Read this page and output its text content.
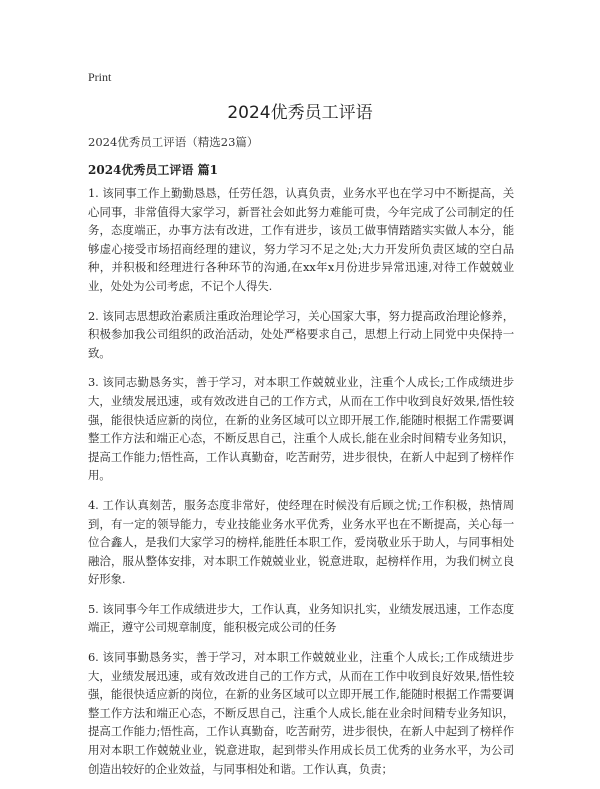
Print
2024优秀员工评语

2024优秀员工评语（精选23篇）

2024优秀员工评语 篇1

1. 该同事工作上勤勤恳恳，任劳任怨，认真负责，业务水平也在学习中不断提高，关心同事，非常值得大家学习，新晋社会如此努力难能可贵，今年完成了公司制定的任务，态度端正，办事方法有改进，工作有进步，该员工做事情踏踏实实做人本分，能够虚心接受市场招商经理的建议，努力学习不足之处;大力开发所负责区域的空白品种，并积极和经理进行各种环节的沟通,在xx年x月份进步异常迅速,对待工作兢兢业业，处处为公司考虑，不记个人得失.

2. 该同志思想政治素质注重政治理论学习，关心国家大事，努力提高政治理论修养，积极参加我公司组织的政治活动，处处严格要求自己，思想上行动上同党中央保持一致。

3. 该同志勤恳务实，善于学习，对本职工作兢兢业业，注重个人成长;工作成绩进步大，业绩发展迅速，或有效改进自己的工作方式，从而在工作中收到良好效果,悟性较强，能很快适应新的岗位，在新的业务区域可以立即开展工作,能随时根据工作需要调整工作方法和端正心态，不断反思自己，注重个人成长,能在业余时间精专业务知识，提高工作能力;悟性高，工作认真勤奋，吃苦耐劳，进步很快，在新人中起到了榜样作用。

4. 工作认真刻苦，服务态度非常好，使经理在时候没有后顾之忧;工作积极，热情周到，有一定的领导能力，专业技能业务水平优秀，业务水平也在不断提高，关心每一位合鑫人，是我们大家学习的榜样,能胜任本职工作，爱岗敬业乐于助人，与同事相处融洽，服从整体安排，对本职工作兢兢业业，锐意进取，起榜样作用，为我们树立良好形象.

5. 该同事今年工作成绩进步大，工作认真，业务知识扎实，业绩发展迅速，工作态度端正，遵守公司规章制度，能积极完成公司的任务

6. 该同事勤恳务实，善于学习，对本职工作兢兢业业，注重个人成长;工作成绩进步大，业绩发展迅速，或有效改进自己的工作方式，从而在工作中收到良好效果,悟性较强，能很快适应新的岗位，在新的业务区域可以立即开展工作,能随时根据工作需要调整工作方法和端正心态，不断反思自己，注重个人成长,能在业余时间精专业务知识，提高工作能力;悟性高，工作认真勤奋，吃苦耐劳，进步很快，在新人中起到了榜样作用对本职工作兢兢业业，锐意进取，起到带头作用成长员工优秀的业务水平，为公司创造出较好的企业效益，与同事相处和谐。工作认真，负责；
